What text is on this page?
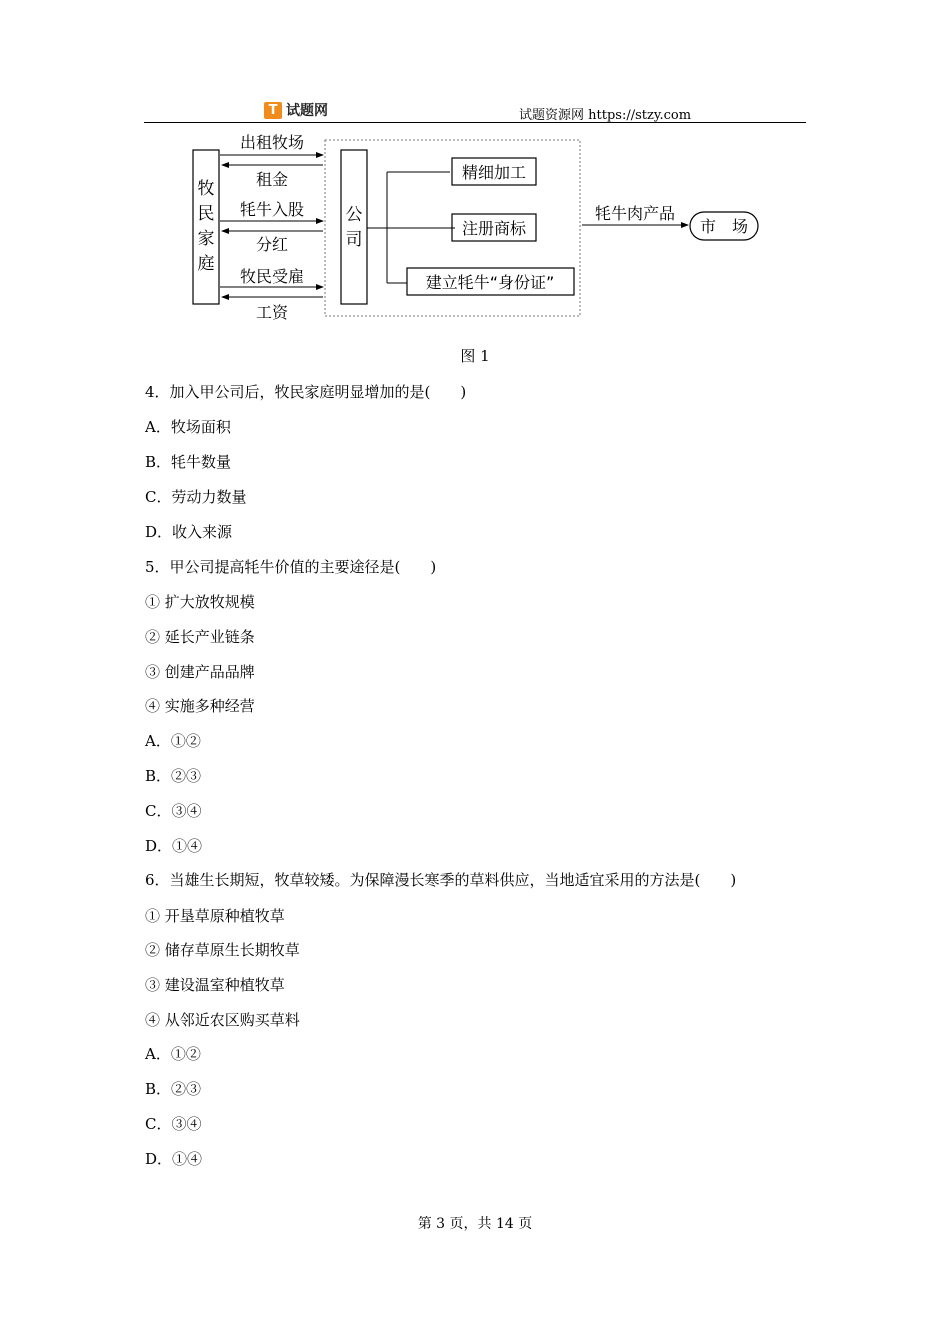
T 试题网	试题资源网 https://stzy.com
牧
民
家
庭
公
司
出租牧场
租金
牦牛入股
分红
牧民受雇
工资
精细加工
注册商标
建立牦牛“身份证”
牦牛肉产品
市　场
图 1
4．加入甲公司后，牧民家庭明显增加的是(　　)
A．牧场面积
B．牦牛数量
C．劳动力数量
D．收入来源
5．甲公司提高牦牛价值的主要途径是(　　)
① 扩大放牧规模
② 延长产业链条
③ 创建产品品牌
④ 实施多种经营
A．①②
B．②③
C．③④
D．①④
6．当雄生长期短，牧草较矮。为保障漫长寒季的草料供应，当地适宜采用的方法是(　　)
① 开垦草原种植牧草
② 储存草原生长期牧草
③ 建设温室种植牧草
④ 从邻近农区购买草料
A．①②
B．②③
C．③④
D．①④
第 3 页，共 14 页
